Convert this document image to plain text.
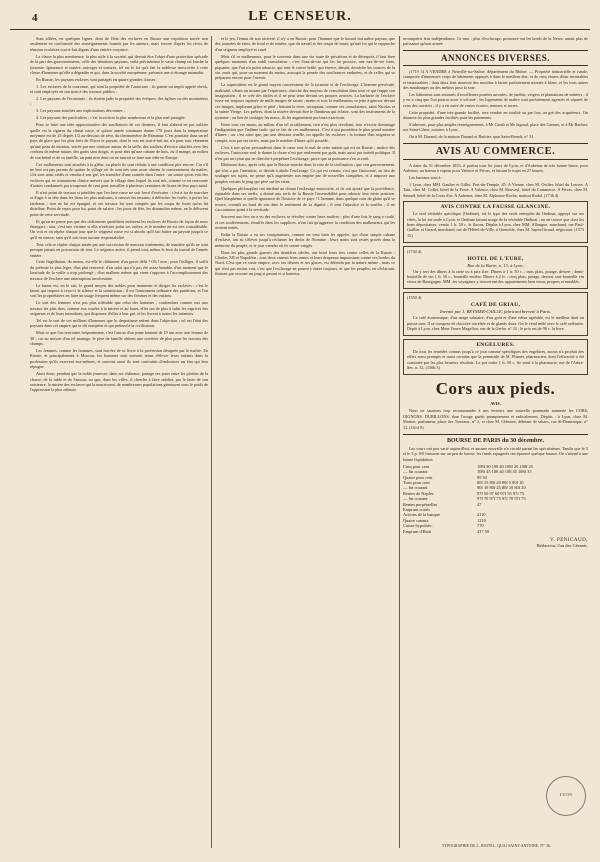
4	LE CENSEUR.

Sont alliées, en quelques lignes, dont de l'état des esclaves en Russie une expulsion tracée non seulement en conformité des renseignements fournis par les auteurs, mais encore d'après les récits de témoins oculaires tout-à-fait dignes d'une entière croyance.

La classe la plus nombreuse, la plus utile à la société, qui devrait être l'objet d'une protection spéciale de la part des gouvernements, celle des laborieux paysans, voilà précisément le vaste champ où fauche la tyrannie. Ignorance et misère, outrages et tortures, tel est le lot qu'a fait la noblesse moscovite à cette classe d'hommes qu'elle a dégradée et qui, dans la société européenne, présente une si étrange anomalie.

En Russie, les paysans esclaves sont partagés en quatre grandes classes :

1. Les esclaves de la couronne, qui sont la propriété de l'autocrate ; ils paient un impôt appelé obrok, et sont employés en son nom à des travaux publics ;

2. Les paysans de l'économie ; ils étaient jadis la propriété des évêques, des églises ou des monastères ;

3. Les paysans attachés aux exploitations des mines ;

4. Les paysans des particuliers ; c'est la section la plus nombreuse et la plus mal partagée.

Pour se faire une idée approximative des souffrances de ces derniers, il faut d'abord ne pas oublier quelle est la rigueur du climat russe, et qu'une année commune donne 170 jours dont la température moyenne est de 25 degrés 1/2 au-dessous de zéro, du thermomètre de Réaumur. C'est pourtant dans un tel pays de glace que les plus forts de l'hiver le paysan, dont le cou est tout-à-fait nu, n'a pour tout vêtement qu'une peau de mouton, serrée par une ceinture autour de la taille, des souliers d'écorce attachés avec des cordons de même nature, des gants sans doigts, et pour abri qu'une cabane de bois, où il mange, au milieu de son bétail et de sa famille, un pain noir dont on ne saurait se faire une idée en Europe.

Ces malheureux sont attachés à la glèbe, ou plutôt ils sont réduits à une condition pire encore. Car s'il ne leur est pas permis de quitter le village où ils sont nés sans avoir obtenu le consentement du maître, s'ils sont ainsi cédés et vendus à son gré, les transfère d'une contrée dans l'autre : on sonne qu'on voit des esclaves qui ne connaissent d'autre univers que le village dans lequel ils sont nés, comme ce en rencontre d'autres condamnés par troupeaux de cent pour travailler à plusieurs centaines de lieues de leur pays natal.

Il n'est point de travaux si pénibles que l'esclave russe ne soit forcé d'exécuter ; c'est à lui de marcher et d'agir à sa tête dans les lieux les plus malsains, à creuser les terrains, à défricher les forêts, à porter les fardeaux ; rien ne lui est épargné, et ses travaux lui sont comptés par les coups de fouet qu'on lui distribue. Point de repos pour lui, point de salaire ; les jours de fête, les dimanches même, ne le délivrent point de cette servitude.

Et qu'on ne pense pas que des châtiments quotidiens endurent les esclaves de Russie de façon de nous étrangers ; non, c'est une victime si elle n'exécute point ses ordres, et le nombre en est très considérable. On voit et on répète chaque jour que le seigneur russe est si absolu qu'il fait battre un paysan jusqu'à ce qu'il en meure, sans qu'il soit tenu aucune responsabilité.

Tout cela se répète chaque année par une succession de mauvais traitements, de manière qu'ils ne sont presque jamais en possession de rien. Le seigneur arrive, il prend tout, même le fruit du travail de l'année entière.

Cette flagellation, du moins, est-elle le châtiment d'un grave délit ? Oh ! non ; pour l'infliger, il suffit du prétexte le plus léger, d'un plat renversé, d'un salut qui n'a pas été assez humble, d'un moment que le lassitude de la veille a trop prolongé ; d'un malheur même qui vient s'opposer à l'accomplissement des travaux de l'esclave une interruption involontaire.

Le knout est, on le sait, le grand moyen des nobles pour maintenir et diriger les esclaves ; c'est le knout qui impose à ceux-ci le silence et la soumission ; il est l'instrument ordinaire des punitions, et l'on voit les propriétaires en faire un usage fréquent même sur des femmes et des enfants.

Le sort des femmes n'est pas plus tolérable que celui des hommes ; confondues comme eux aux travaux les plus durs, comme eux vouées à la misère et au fouet, elles ont de plus à subir les caprices des seigneurs et de leurs intendants, qui disposent d'elles à leur gré, et les livrent à toutes les infamies.

Tel est le sort de ces millions d'hommes que le despotisme retient dans l'abjection ; tel est l'état des paysans dans cet empire qui se dit européen et qui prétend à la civilisation.

Mais ce que l'on rencontre fréquemment, c'est l'union d'un jeune homme de 19 ans avec une femme de 30 ; car au moyen d'un tel mariage, le père de famille obtient une ouvrière de plus pour les travaux des champs.

Les femmes, comme les hommes, sont forcées de se livrer à la profession désignée par le maître. En Russie, et principalement à Moscou, les hommes sont souvent tenus d'élever leurs enfants dans la profession qu'ils exercent eux-mêmes, et souvent aussi ils sont contraints d'embrasser un état qui leur répugne.

Ainsi donc, pendant que la noble jeunesse, dans ses châteaux, partage ses jours entre les plaisirs de la chasse, de la table et de l'amour, ou que, dans les villes, il cherche à faire oublier, par le faste de son existence, la misère des esclaves qui la nourrissent, de nombreuses populations gémissent sous le poids de l'oppression la plus odieuse.

et le jeu, l'ennui de son oisiveté, il n'y a en Russie, pour l'homme que le hasard fait naître paysan, que des journées de faim, de froid et de misère, que du travail et des coups de fouet, qu'une loi qui le rapproche d'un seigneur employé et cruel.

Mais s'il se malheureux, pour le souvenir dans une vie toute de privations et de désespoir, il faut bien quelques moments d'un oubli consolateur ; c'est l'eau-de-vie qui les lui procure, une eau-de-vie forte, piquante, que l'art n'a point adoucie, qui sent le cuivre brûlé, qui énerve, abrutit, dessèche les sources de la vie, mais qui, pour un moment du moins, assoupit la pensée des souffrances endurées, et de celles qui se préparent encore pour l'avenir.

La superstition est le grand moyen conservateur de la tyrannie et de l'esclavage. L'homme persécuté, maltraité, s'étant un instant par l'espérance, cherche des moyens de consolation dans tout ce qui frappe son imagination ; il se crée des idoles et il ne peut tenir devant ses propres oeuvres. La barbarie de l'esclave russe est toujours tapissée de mille images de saints ; matin et soir, le malheureux se jette à genoux devant ces images, implorant grâce et pitié ; baisant la terre, invoquant, comme ses consolateurs, saint Nicolas et la sainte Vierge. Les prêtres, dont la misère devrait être le flambeau qui éclaire, sont des instruments de la tyrannie ; au lieu de soulager les maux, ils les augmentent par leurs exactions.

Entre tous ces maux, au milieu d'un tel accablement, rien n'est plus révoltant, rien n'excite davantage l'indignation que l'infâme trafic qui se fait de ces malheureux. C'est à qui possédera le plus grand nombre d'âmes ; car c'est ainsi que, par une dérision cruelle, on appelle les esclaves : la fortune d'un seigneur se compte, non par ses terres, mais par le nombre d'âmes qu'il possède.

C'est à tort qu'on persuaderait dans le cœur tout le mal de cette nation qui est en Russie ; malice des esclaves, l'autocrate seul le donne la chose n'est pas seulement par goût, mais aussi par intérêt politique. Il n'est pas un tyran qui ne cherche à perpétuer l'esclavage, parce que sa puissance s'en accroît.

Bâtissons donc, après cela, que la Russie marche dans la voie de la civilisation ; que son gouvernement, qui n'en a pas l'intention, se décide à abolir l'esclavage. Ce qui est certain, c'est que l'autocrate, au lieu de soulager ses sujets, ne pense qu'à augmenter son empire par de nouvelles conquêtes, et à imposer aux peuples voisins le joug qui pèse sur les siens.

Quelques philosophes ont attribué au climat l'esclavage moscovite, et ils ont ajouté que la providence, équitable dans ses arrêts, a donné aux serfs de la Russie l'insensibilité pour adoucir leur triste position. Quel blasphème et quelle ignorance de l'histoire de ce pays ! L'homme, dans quelque coin du globe qu'il se trouve, connaît au fond de son âme le sentiment de sa dignité ; il sent l'injustice et la souffre ; il ne s'accoutume point à la servitude.

Souvent aux fers on a vu des esclaves se révolter contre leurs maîtres ; plus d'une fois le sang a coulé, et ces soulèvements, étouffés dans les supplices, n'ont fait qu'aggraver la condition des malheureux qui les avaient tentés.

Enfin la Russie a eu ses conspirateurs, comme on veut bien les appeler, qui d'une simple cabane d'esclave, ont su s'élever jusqu'à réclamer les droits de l'homme ; leurs noms sont restés gravés dans la mémoire du peuple, et le jour viendra où ils seront vengés.

Dans les plus grands guerres des dernières siècles, ont brisé leurs fers contre celles de la Russie : Charles XII et Napoléon ; tous deux vinrent leurs armes et leurs drapeaux impuissants contre ces hordes du Nord. C'est que ce vaste empire, avec ses déserts et ses glaces, est défendu par la nature même ; mais ce qui n'est pas moins vrai, c'est que l'esclavage ne pourra y durer toujours, et que les peuples, en s'éclairant, finiront par secouer un joug si pesant et si honteux.

reconquérir leur indépendance. Ce mot : plus d'esclavage, prononcé sur les bords de la Newa, aurait plus de puissance qu'une armée.

ANNONCES DIVERSES.

(1719 3) A VENDRE à Neuville-sur-Saône, département du Rhône. — Propriété industrielle et rurale, composée d'immenses corps de bâtiments appuyés à dans le meilleur état, et de cinq chutes d'eau invariables et intarissables ; dont deux font mouvoir des moulins à farine parfaitement montés à blanc, et les trois autres des moulinages ou des métiers pour la soie.

Les bâtiments sont entourés d'excellentes prairies arrosées, de jardins, vergers et plantations de mûriers ; il y en a cinq que l'on pourra avoir à volonté ; les logements de maître sont parfaitement agencés et séparés de ceux des ouvriers ; il y a en outre de vastes écuries, remises et serres.

Cette propriété, d'une très-grande facilité, sera vendue en totalité ou par lots, au gré des acquéreurs. On donnera les plus grandes facilités pour les paiements.

S'adresser, pour plus amples renseignements, à Mr Caudi et Mr Jagoud, place des Carmes, et à Mr Barbier, rue Saint-Côme, notaires à Lyon.

Ou à M. Durand, de la maison Durand et Barbier, quai Saint-Benoît, n° 31.

AVIS AU COMMERCE.

A dater du 31 décembre 1835, il partira tous les jours de Lyon, et d'Aubenas de très bonne heure, pour Aubenas, un bateau à vapeur pour Valence et Privas, et faisant le trajet en 27 heures.

Les bureaux sont à :

1 Lyon, chez MM. Gaulier et Gillet, Port-du-Temple, 45. A Vienne, chez M. Ovilier, hôtel du Louvre. A Tain, chez M. Collet, hôtel de la Poste. A Valence, chez M. Rouveyl, hôtel du Commerce. A Privas, chez M. Simard, hôtel de la Croix d'or. A Aubenas, chez M. Alphonse Roche, maison Rodal. (1736 4)

AVIS CONTRE LA FAUSSE GLANCINE.

Le seul véritable spécifique (Ondinat), est le type des seuls entrepôts du Ondinat, appuyé sur ses côtés, la loi est seule à Lyon, et Ondinat faisant usage de la véritable Ondinat ; on ne trouve que chez les bons dépositaires, vendu 1 fr. 50 c. le flacon. Dépôts à Lyon, chez MM. Allongue, marchand, rue Paul-Gaillier et Girard, marchand, rue de l'Hôtel-de-Ville, à Grenoble, chez M. Sapin-Giraud, négociant. (1573 15)

(1744 4)

HOTEL DE L'EURE,
Rue de la Barre, n. 13, à Lyon.

On y sert des dîners à la carte ou à prix fixe. Dîners à 1 fr. 50 c. ; trois plats, potage, dessert ; demi-bouteille de vin 1 fr. 50 c., bouteille entière. Dîners à 2 fr. ; cinq plats, potage, dessert, une bouteille vin vieux de Bourgogne. MM. les voyageurs y trouveront des appartements bien tenus, propres et meublés.

(1550 4)

CAFÉ DE GRIAU,
Inventé par J. BEYNIER-CAILLE, fabricant breveté à Paris.

Ce café économique, d'un usage salutaire, d'un goût et d'une odeur agréable, est le meilleur dont on puisse user. Il se compose de chicorée torréfiée et de glands doux. On le vend mêlé avec le café ordinaire. Dépôt à Lyon, chez Mme Veuve Magellon, rue de la Gerbe, n° 32 ; le prix est de 90 c. la livre.

ENGELURES.

De tous les remèdes connus jusqu'à ce jour comme spécifiques des engelures, aucun n'a produit des effets aussi prompts et aussi certains que la pommade de M. Plumet, pharmacien, dont l'efficacité a été constatée par les plus heureux résultats. Le pot coûte 1 fr. 50 c. Se vend à la pharmacie, rue de l'Arbre-Sec, n. 31. (1566 3)

Cors aux pieds.
AVIS.

Nous ne saurions trop recommander à nos lecteurs une nouvelle pommade nommée les CORS, OIGNONS, DURILLONS, dont l'usage guérit promptement et radicalement. Dépôts : à Lyon, chez M. Marion, parfumeur, place des Terreaux, n° 2, et chez M. Clément, débitant de tabacs, rue St-Dominique, n° 12. (1614 9)

BOURSE DE PARIS du 30 décembre.

Les cours ont peu varié aujourd'hui, et aucune nouvelle n'a circulé parmi les spéculateurs. Tandis que le 5 et le 3 p. 0/0 finissent sur un peu de baisse, les fonds espagnols ont éprouvé quelque hausse. On s'attend à une bonne liquidation.

Cinq pour cent	108f 30 108 40 108f 20 108f 25
— fin courant	108f 45 108 40 108 35 108f 35
Quatre pour cent	99 50
Trois pour cent	80f 15 80f 20 80f 5 80f 10
— fin courant	80f 10 80f 25 80f 10 80f 20
Rentes de Naples	97f 50 97 60 97f 55 97f 75
— fin courant	97f 70 97f 75 97f 70 97f 75
Rentes perpétuelles	47
Emprunt cortès	
Actions de la banque	2110
Quatre canaux	1210
Caisse hypothéc.	770
Emprunt d'Haïti	417 50
V. PENICAUD,
Rédacteur, l'un des Gérants.
LYON
TYPOGRAPHIE DE L. BOITEL, QUAI SAINT-ANTOINE, N° 36.
